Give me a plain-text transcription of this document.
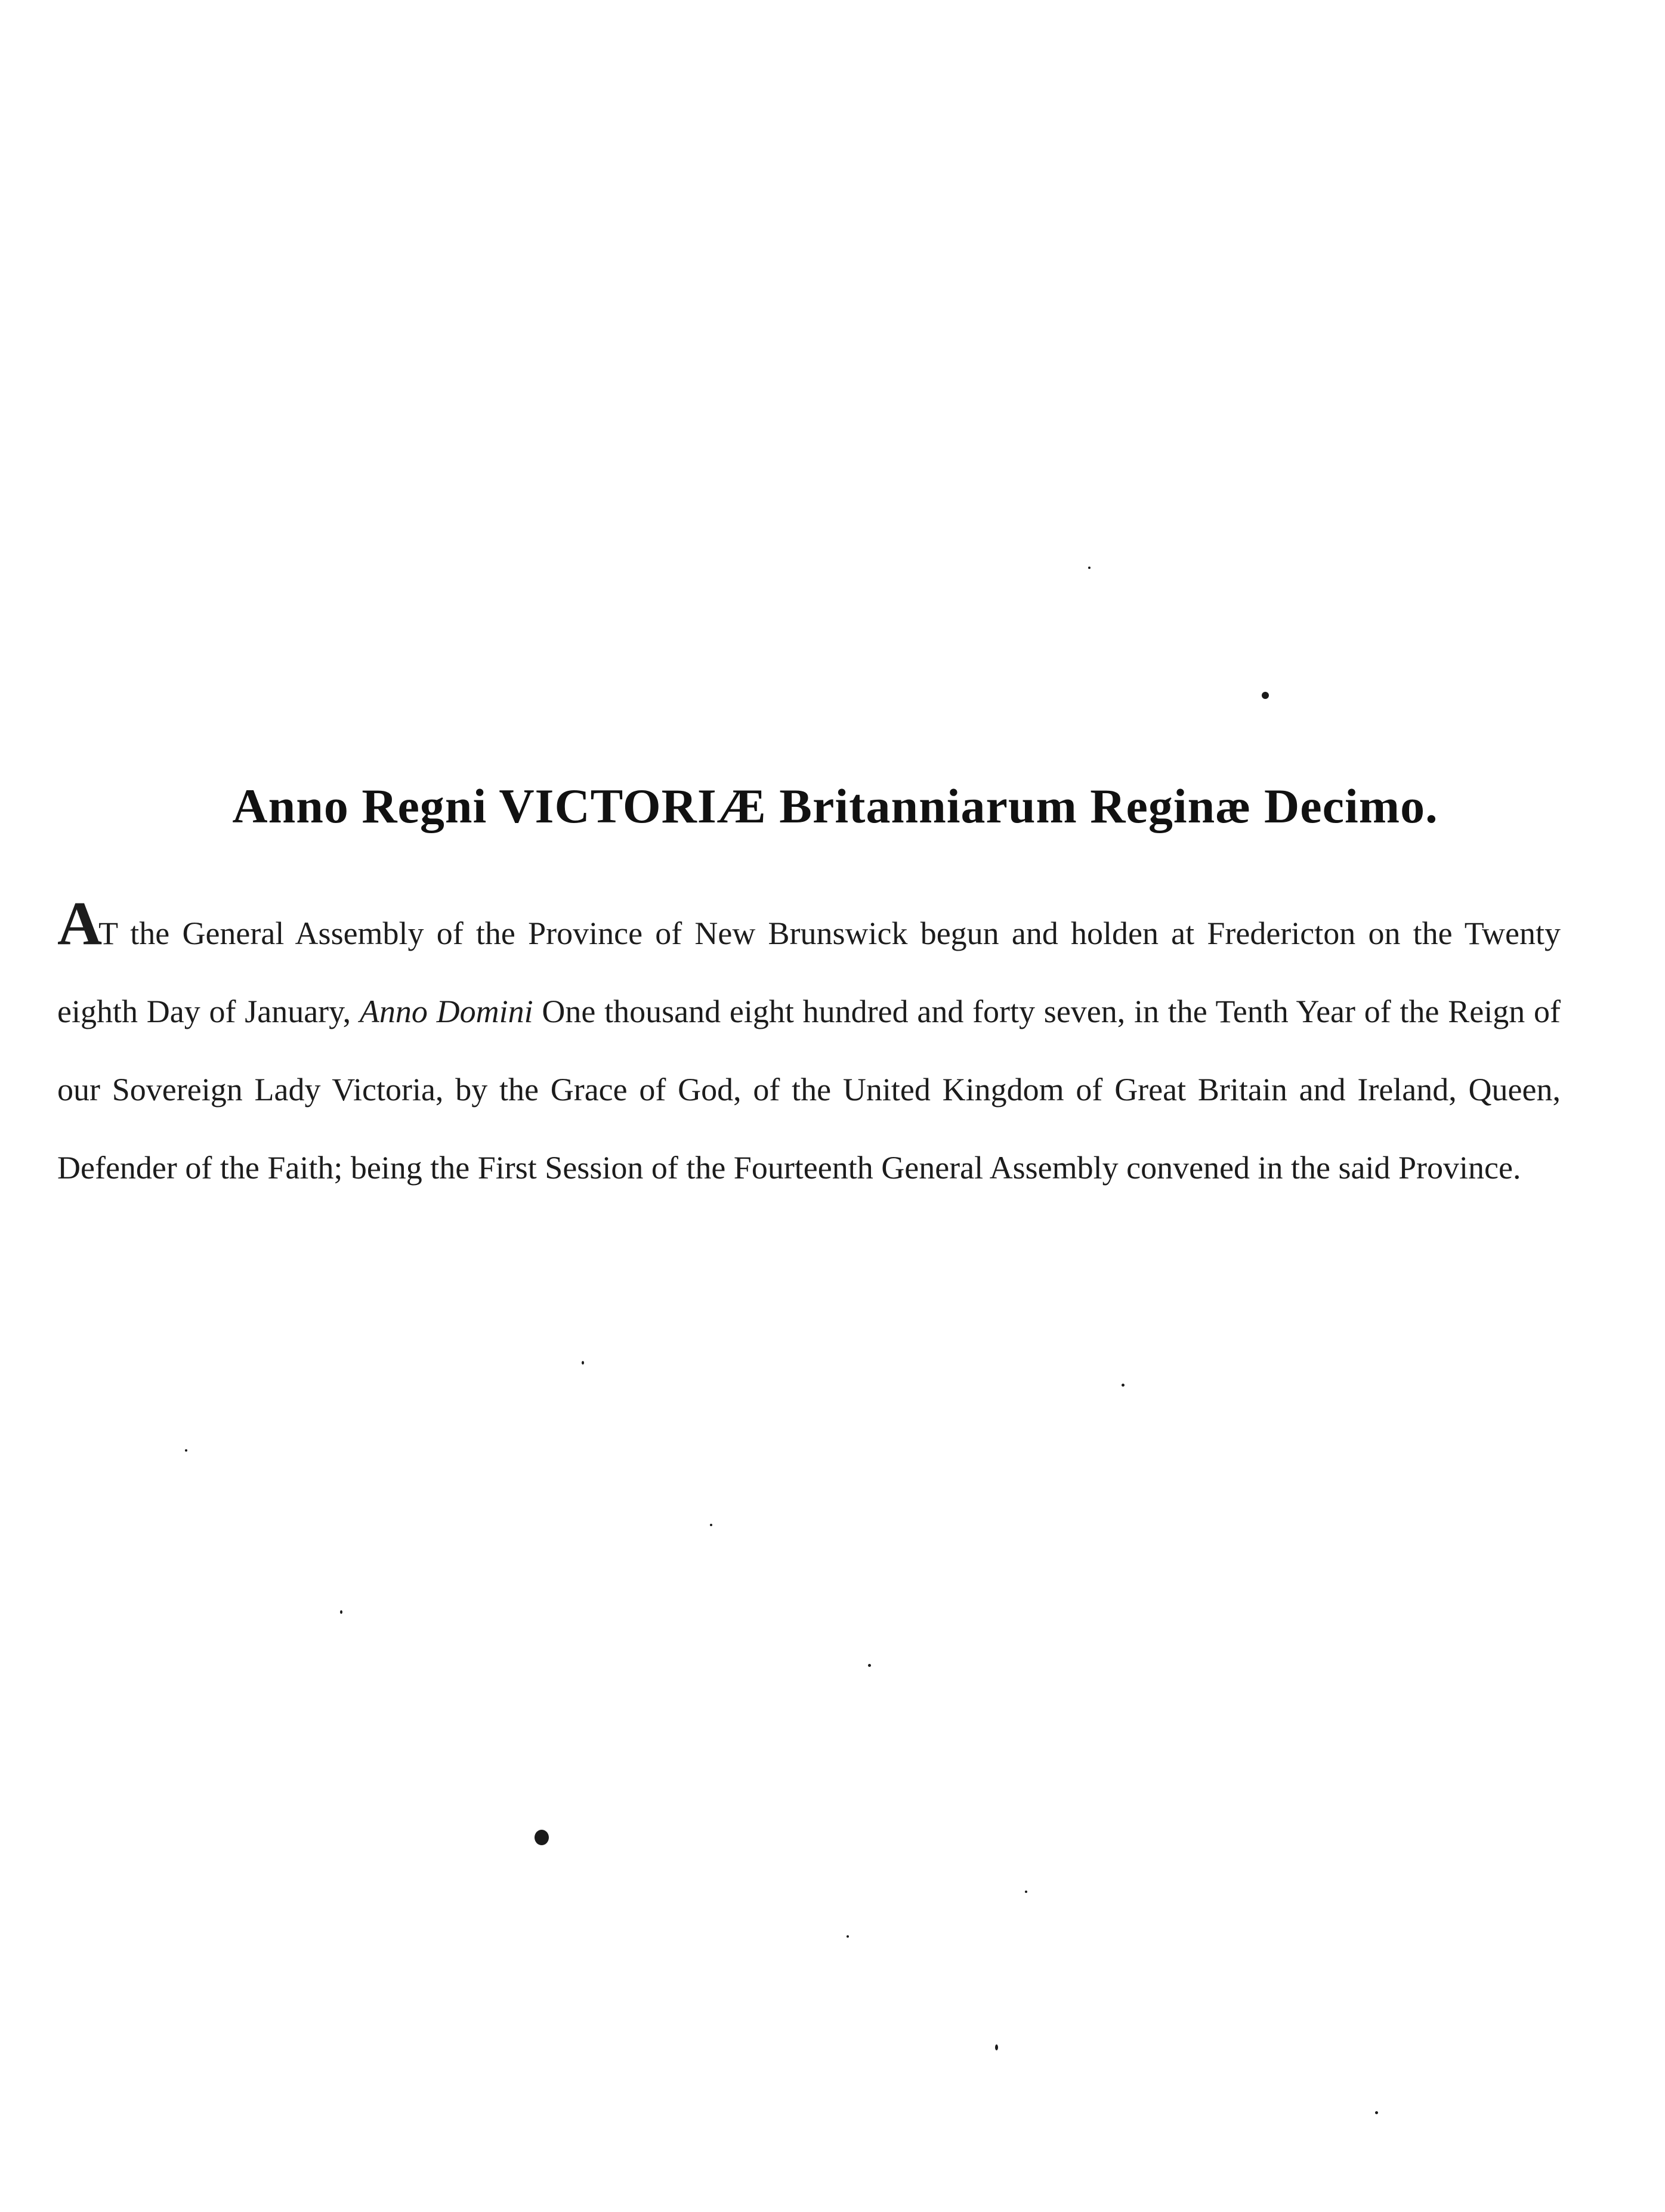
Anno Regni VICTORIÆ Britanniarum Reginæ Decimo.
AT the General Assembly of the Province of New Brunswick begun and holden at Fredericton on the Twenty eighth Day of January, Anno Domini One thousand eight hundred and forty seven, in the Tenth Year of the Reign of our Sovereign Lady Victoria, by the Grace of God, of the United Kingdom of Great Britain and Ireland, Queen, Defender of the Faith; being the First Session of the Fourteenth General Assembly convened in the said Province.
